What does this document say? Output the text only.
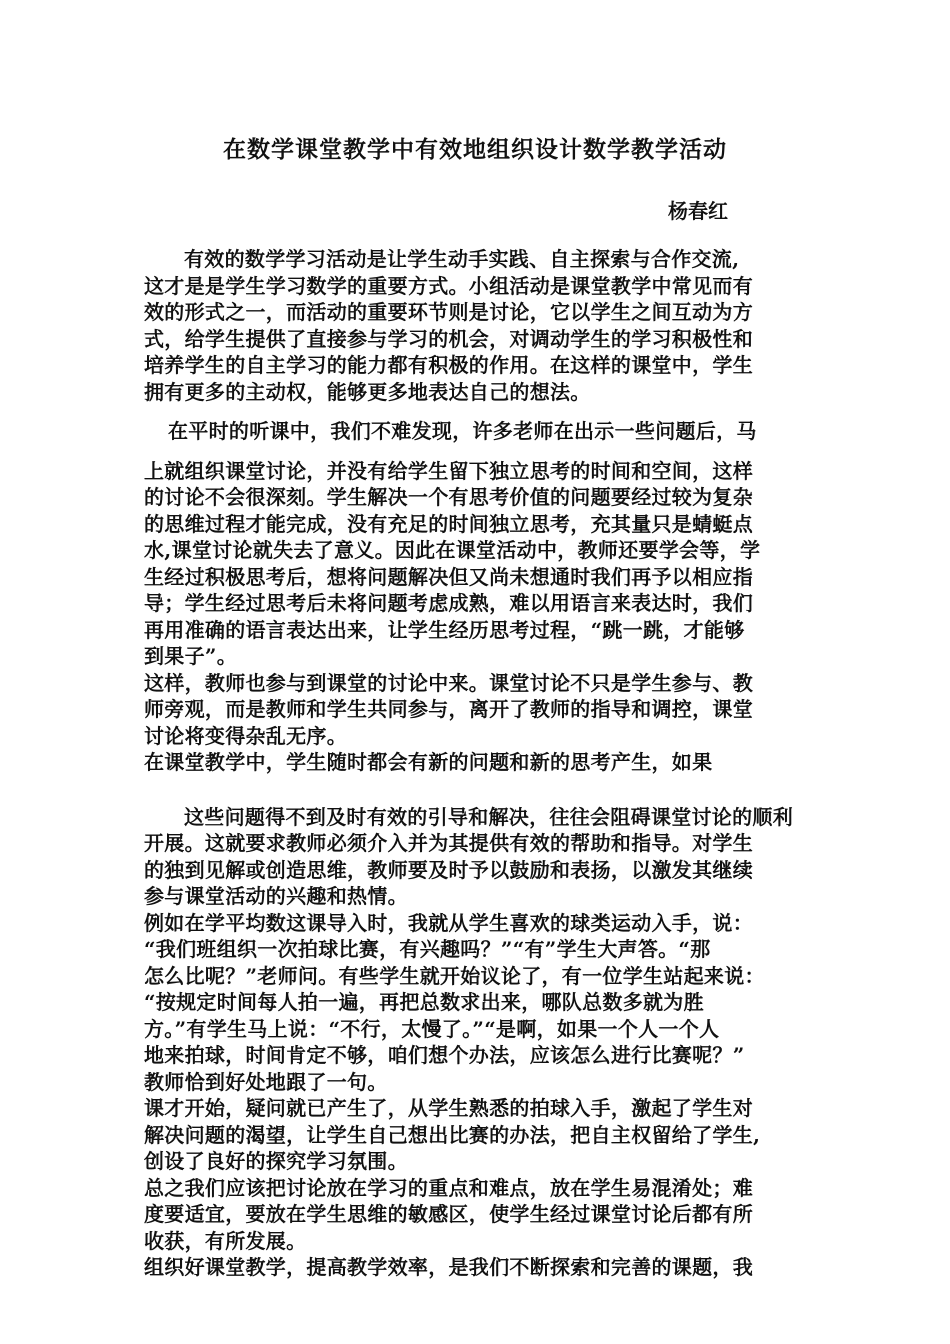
在数学课堂教学中有效地组织设计数学教学活动
杨春红
有效的数学学习活动是让学生动手实践、自主探索与合作交流,
这才是是学生学习数学的重要方式。小组活动是课堂教学中常见而有
效的形式之一，而活动的重要环节则是讨论，它以学生之间互动为方
式，给学生提供了直接参与学习的机会，对调动学生的学习积极性和
培养学生的自主学习的能力都有积极的作用。在这样的课堂中，学生
拥有更多的主动权，能够更多地表达自己的想法。
在平时的听课中，我们不难发现，许多老师在出示一些问题后，马
上就组织课堂讨论，并没有给学生留下独立思考的时间和空间，这样
的讨论不会很深刻。学生解决一个有思考价值的问题要经过较为复杂
的思维过程才能完成，没有充足的时间独立思考，充其量只是蜻蜓点
水,课堂讨论就失去了意义。因此在课堂活动中，教师还要学会等，学
生经过积极思考后，想将问题解决但又尚未想通时我们再予以相应指
导；学生经过思考后未将问题考虑成熟，难以用语言来表达时，我们
再用准确的语言表达出来，让学生经历思考过程，“跳一跳，才能够
到果子”。
这样，教师也参与到课堂的讨论中来。课堂讨论不只是学生参与、教
师旁观，而是教师和学生共同参与，离开了教师的指导和调控，课堂
讨论将变得杂乱无序。
在课堂教学中，学生随时都会有新的问题和新的思考产生，如果
这些问题得不到及时有效的引导和解决，往往会阻碍课堂讨论的顺利
开展。这就要求教师必须介入并为其提供有效的帮助和指导。对学生
的独到见解或创造思维，教师要及时予以鼓励和表扬，以激发其继续
参与课堂活动的兴趣和热情。
例如在学平均数这课导入时，我就从学生喜欢的球类运动入手，说：
“我们班组织一次拍球比赛，有兴趣吗？”“有”学生大声答。“那
怎么比呢？”老师问。有些学生就开始议论了，有一位学生站起来说：
“按规定时间每人拍一遍，再把总数求出来，哪队总数多就为胜
方。”有学生马上说：“不行，太慢了。”“是啊，如果一个人一个人
地来拍球，时间肯定不够，咱们想个办法，应该怎么进行比赛呢？”
教师恰到好处地跟了一句。
课才开始，疑问就已产生了，从学生熟悉的拍球入手，激起了学生对
解决问题的渴望，让学生自己想出比赛的办法，把自主权留给了学生,
创设了良好的探究学习氛围。
总之我们应该把讨论放在学习的重点和难点，放在学生易混淆处；难
度要适宜，要放在学生思维的敏感区，使学生经过课堂讨论后都有所
收获，有所发展。
组织好课堂教学，提高教学效率，是我们不断探索和完善的课题，我
